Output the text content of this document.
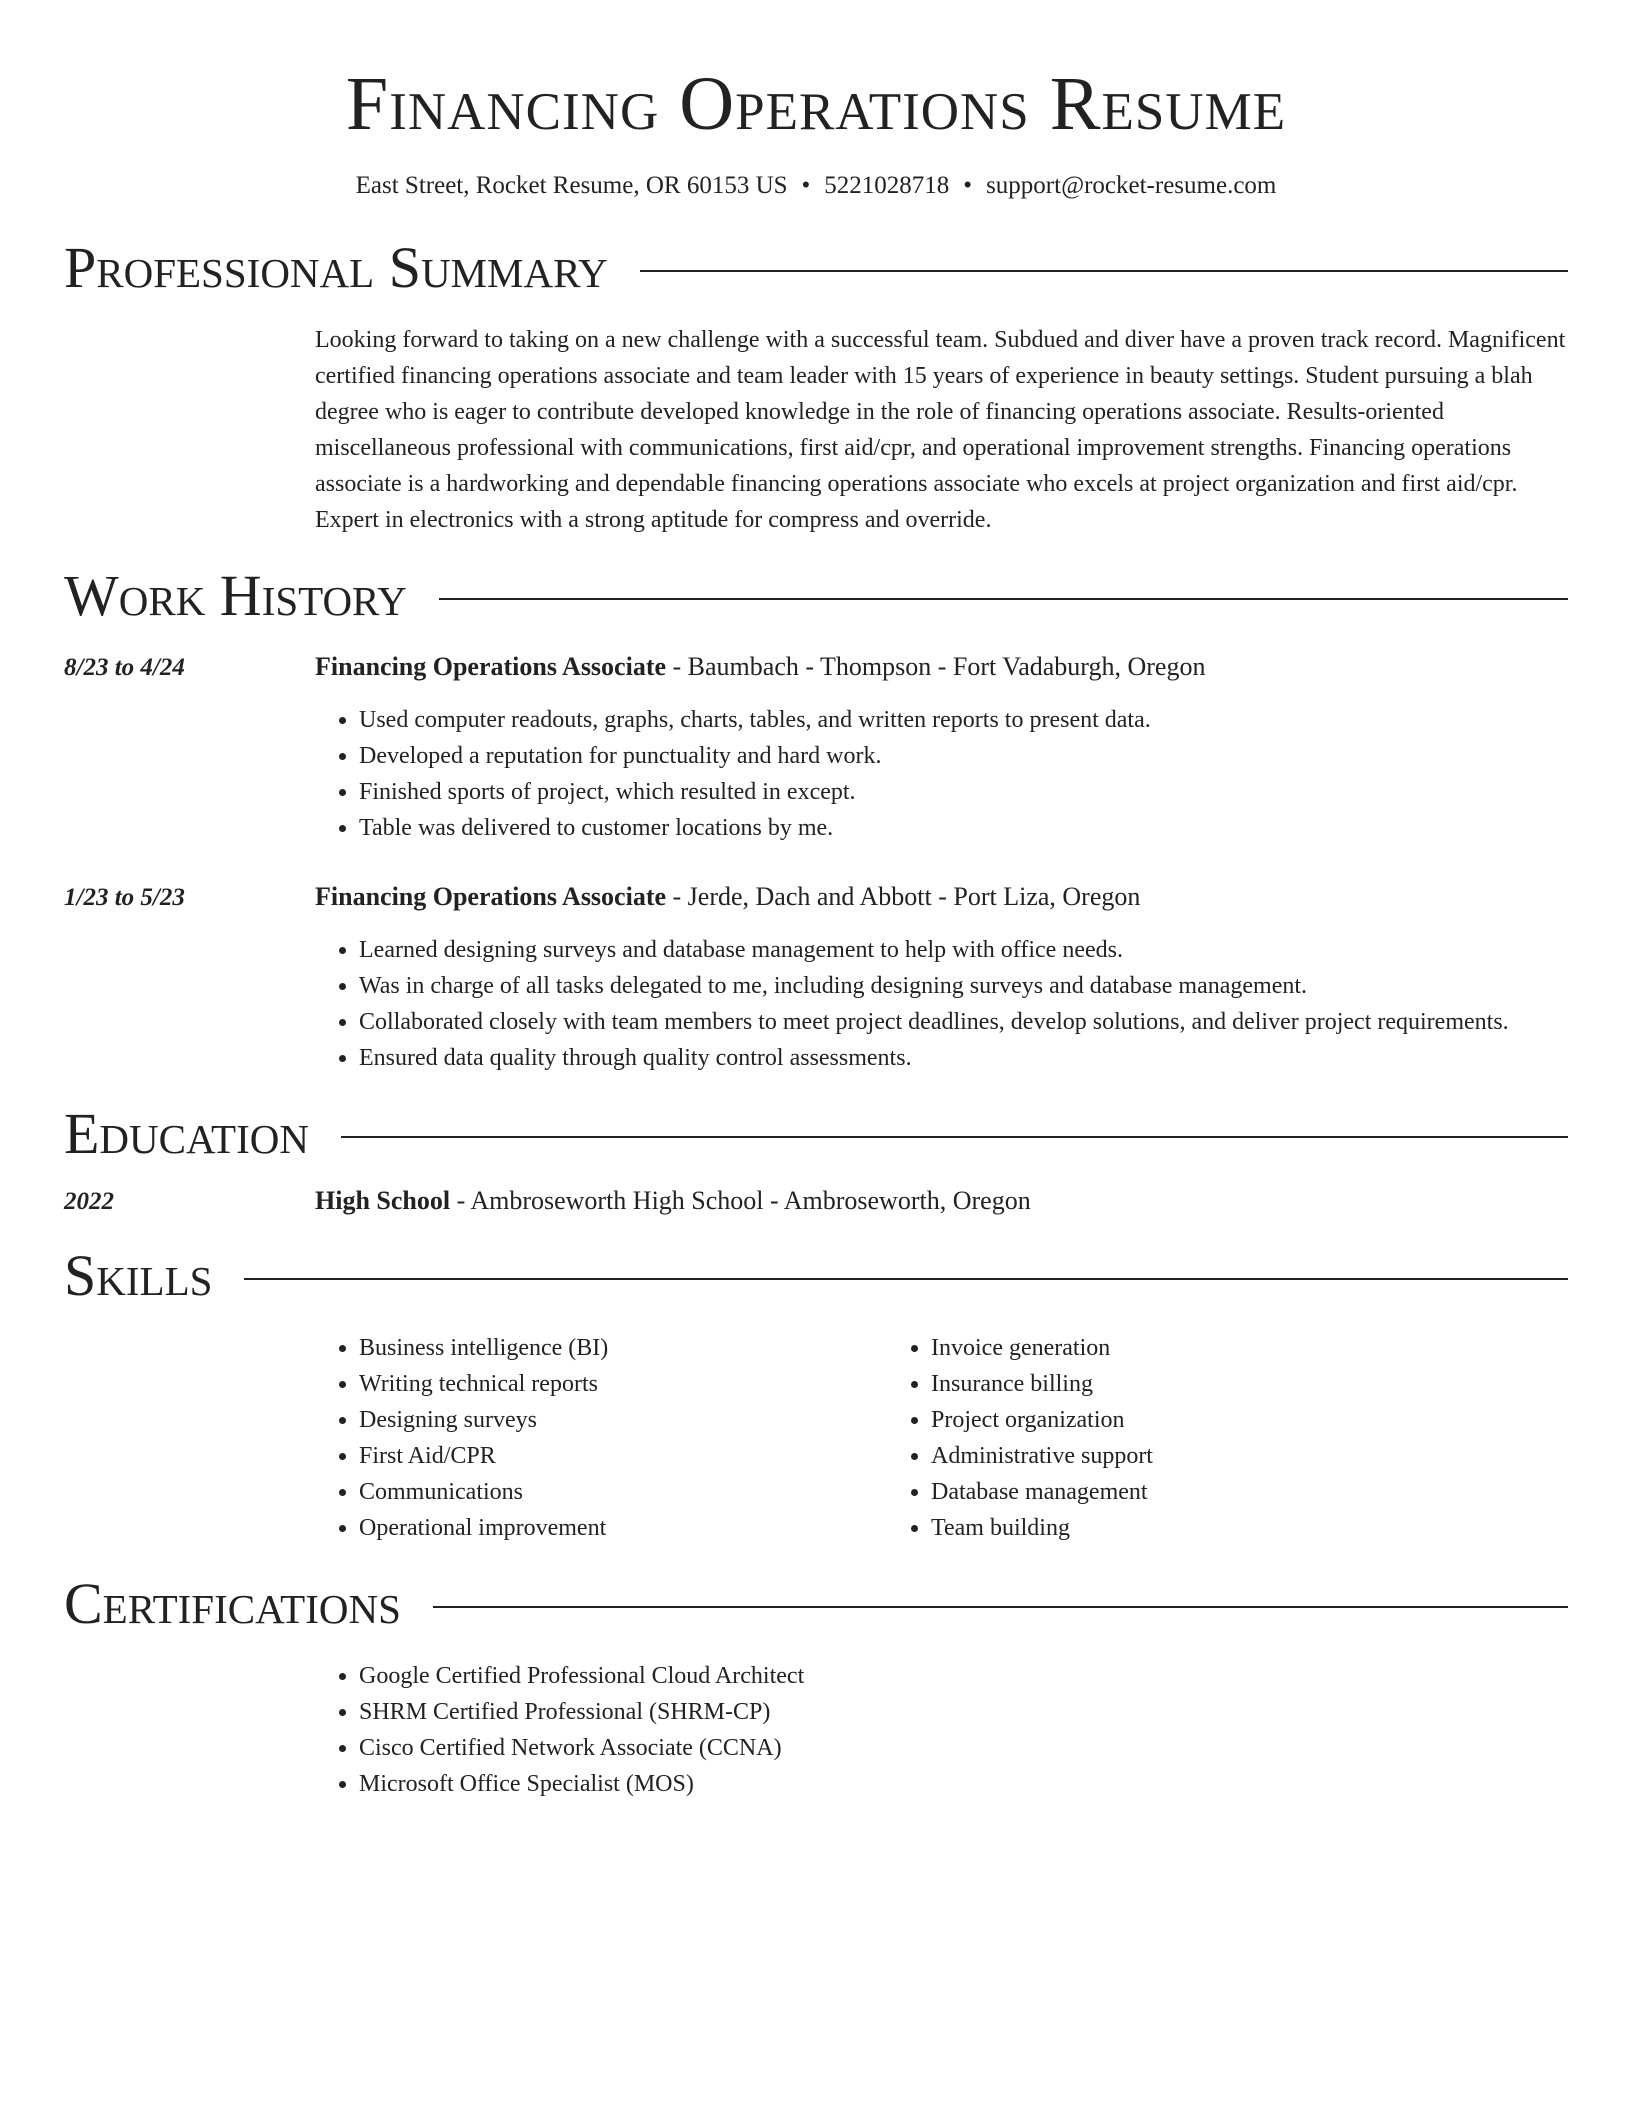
Financing Operations Resume
East Street, Rocket Resume, OR 60153 US • 5221028718 • support@rocket-resume.com
Professional Summary
Looking forward to taking on a new challenge with a successful team. Subdued and diver have a proven track record. Magnificent certified financing operations associate and team leader with 15 years of experience in beauty settings. Student pursuing a blah degree who is eager to contribute developed knowledge in the role of financing operations associate. Results-oriented miscellaneous professional with communications, first aid/cpr, and operational improvement strengths. Financing operations associate is a hardworking and dependable financing operations associate who excels at project organization and first aid/cpr. Expert in electronics with a strong aptitude for compress and override.
Work History
8/23 to 4/24	Financing Operations Associate - Baumbach - Thompson - Fort Vadaburgh, Oregon
• Used computer readouts, graphs, charts, tables, and written reports to present data.
• Developed a reputation for punctuality and hard work.
• Finished sports of project, which resulted in except.
• Table was delivered to customer locations by me.
1/23 to 5/23	Financing Operations Associate - Jerde, Dach and Abbott - Port Liza, Oregon
• Learned designing surveys and database management to help with office needs.
• Was in charge of all tasks delegated to me, including designing surveys and database management.
• Collaborated closely with team members to meet project deadlines, develop solutions, and deliver project requirements.
• Ensured data quality through quality control assessments.
Education
2022	High School - Ambroseworth High School - Ambroseworth, Oregon
Skills
• Business intelligence (BI)
• Writing technical reports
• Designing surveys
• First Aid/CPR
• Communications
• Operational improvement
• Invoice generation
• Insurance billing
• Project organization
• Administrative support
• Database management
• Team building
Certifications
• Google Certified Professional Cloud Architect
• SHRM Certified Professional (SHRM-CP)
• Cisco Certified Network Associate (CCNA)
• Microsoft Office Specialist (MOS)
